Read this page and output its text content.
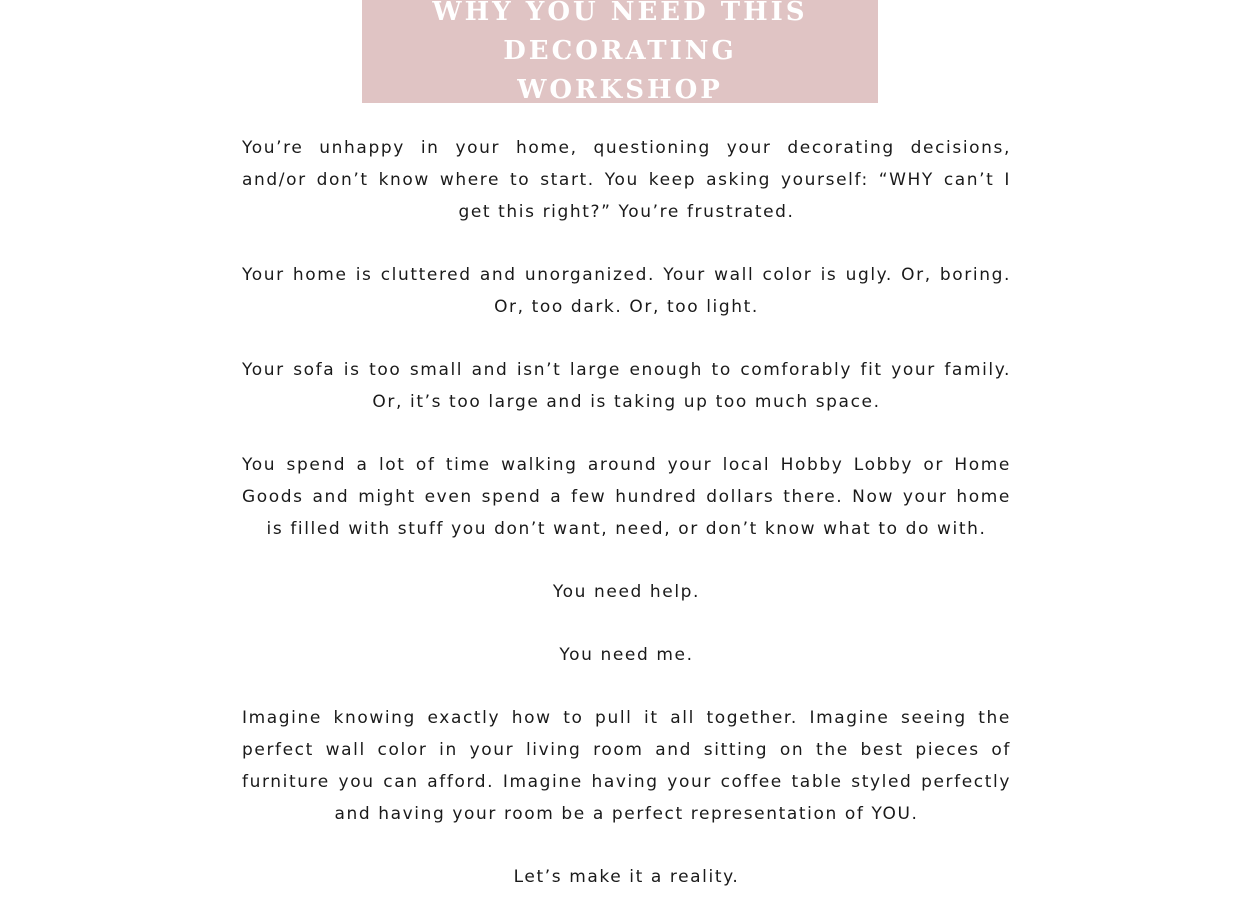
WHY YOU NEED THIS DECORATING WORKSHOP

You’re unhappy in your home, questioning your decorating decisions, and/or don’t know where to start. You keep asking yourself: “WHY can’t I get this right?” You’re frustrated.

Your home is cluttered and unorganized. Your wall color is ugly. Or, boring. Or, too dark. Or, too light.

Your sofa is too small and isn’t large enough to comforably fit your family. Or, it’s too large and is taking up too much space.

You spend a lot of time walking around your local Hobby Lobby or Home Goods and might even spend a few hundred dollars there. Now your home is filled with stuff you don’t want, need, or don’t know what to do with.

You need help.

You need me.

Imagine knowing exactly how to pull it all together. Imagine seeing the perfect wall color in your living room and sitting on the best pieces of furniture you can afford. Imagine having your coffee table styled perfectly and having your room be a perfect representation of YOU.

Let’s make it a reality.
